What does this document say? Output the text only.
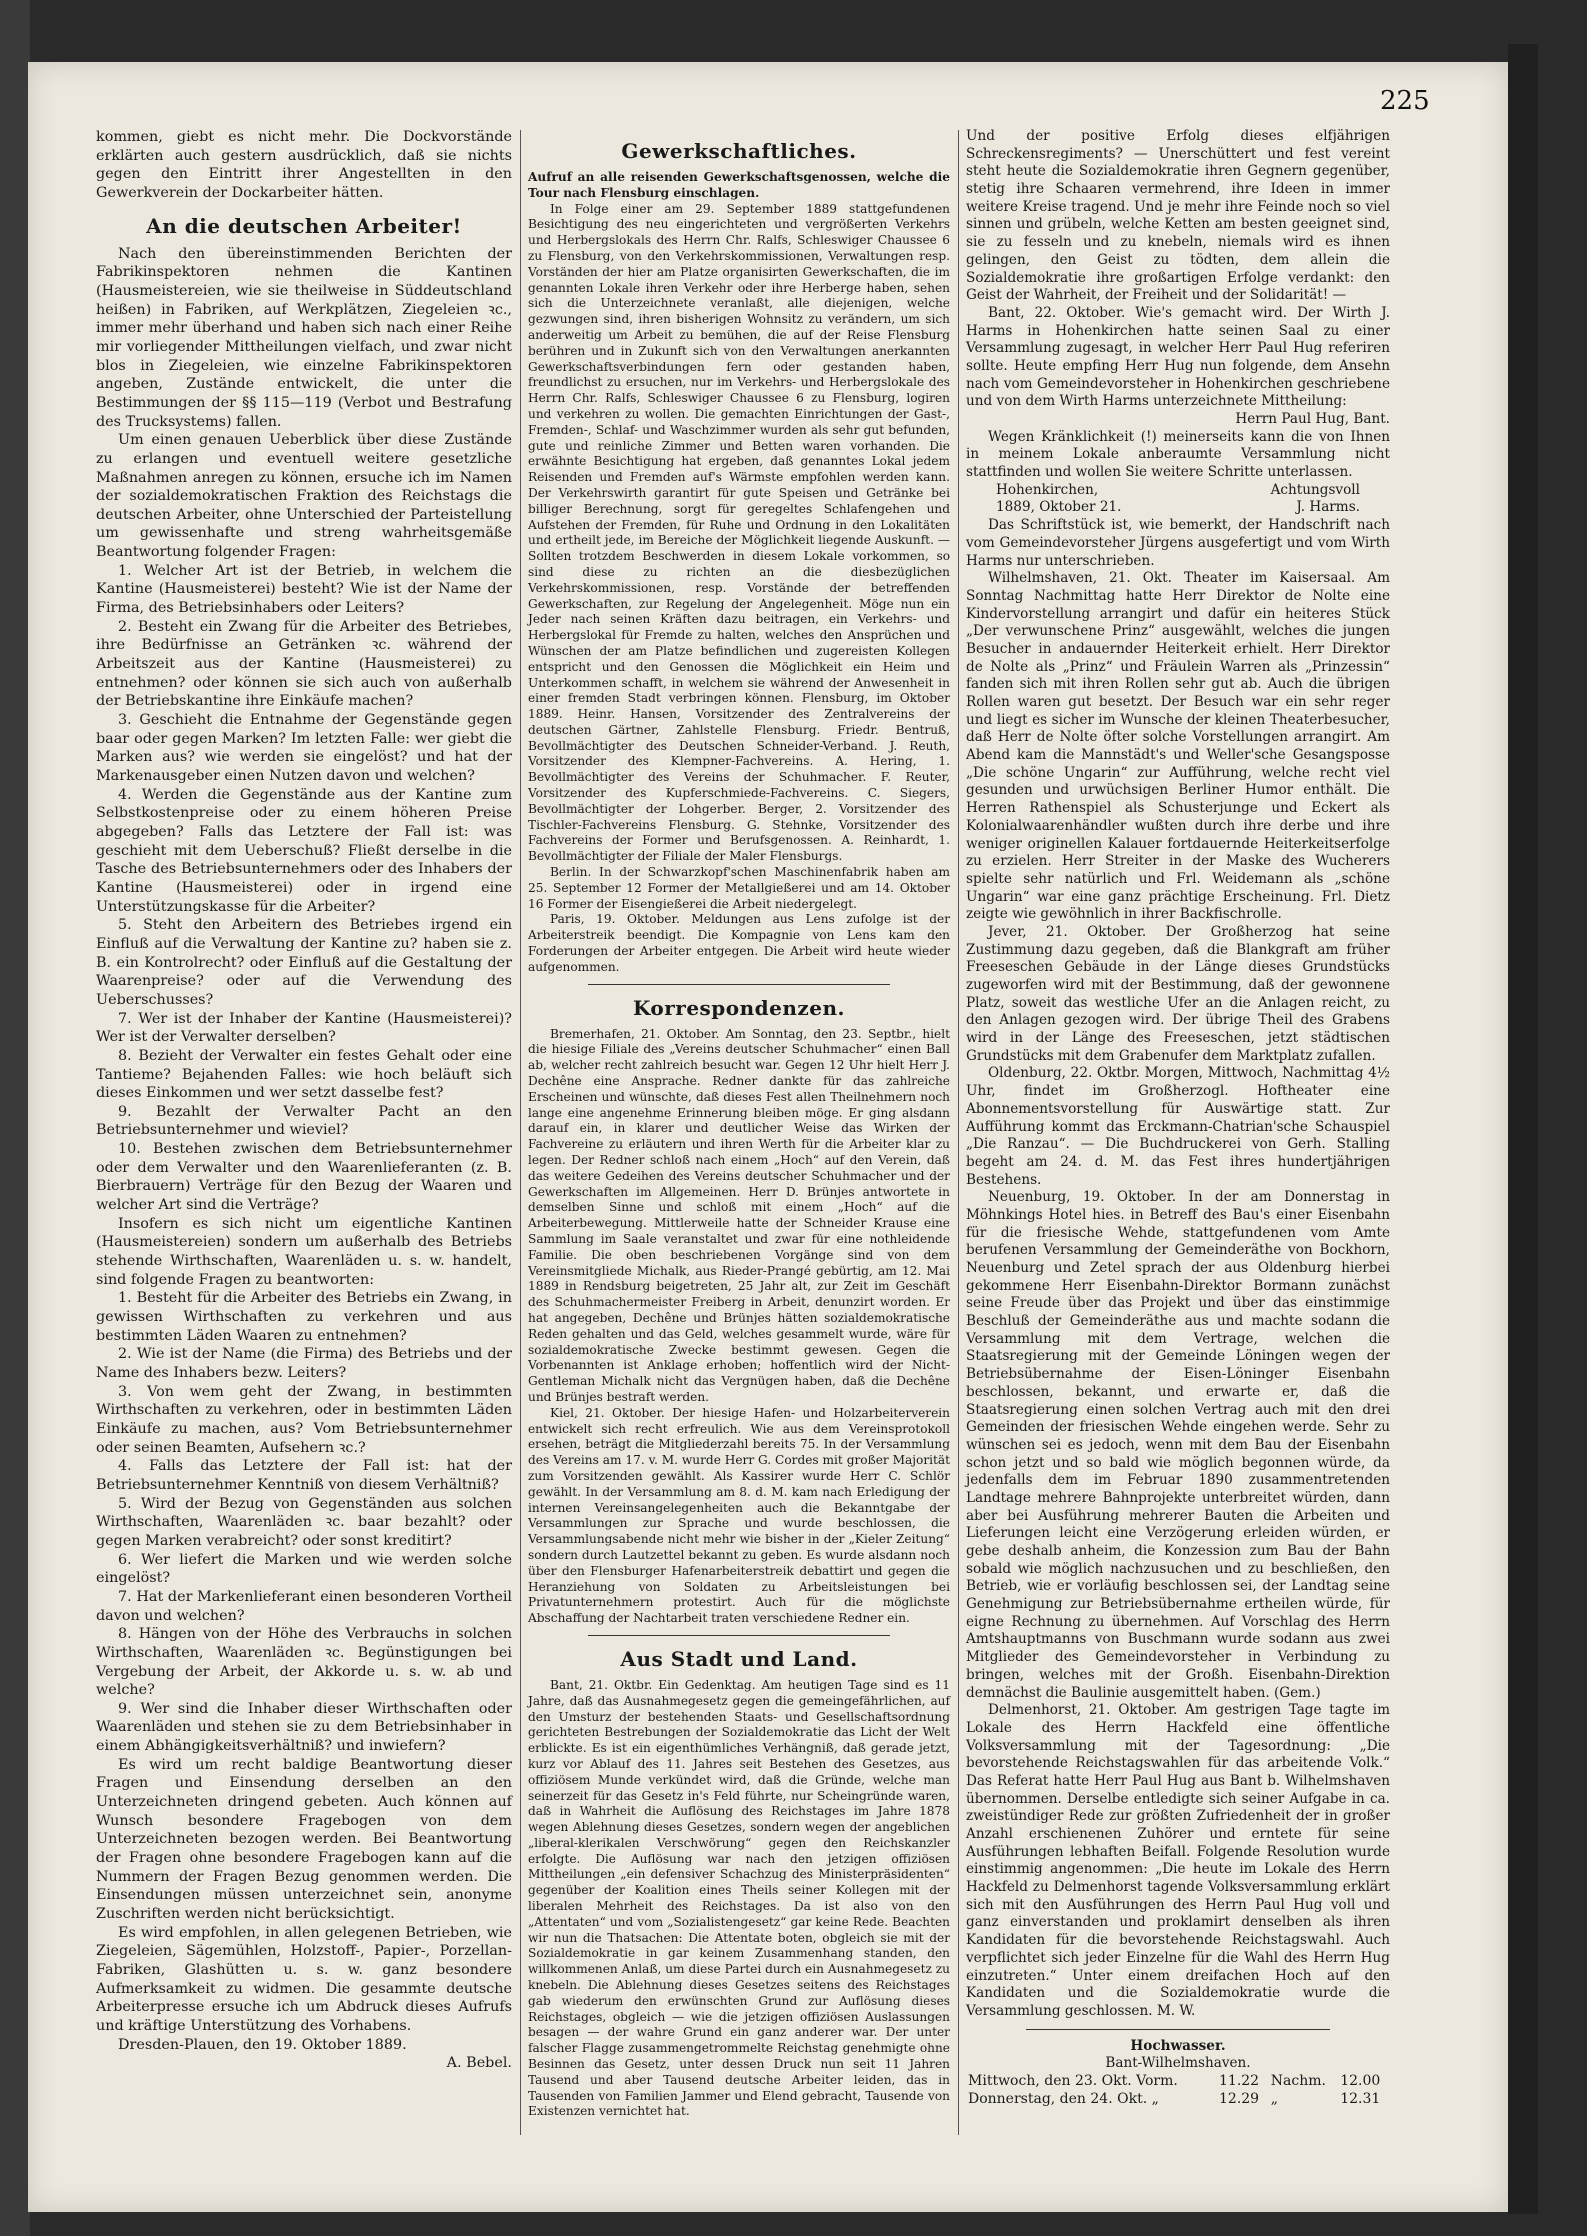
225

kommen, giebt es nicht mehr. Die Dockvorstände erklärten auch gestern ausdrücklich, daß sie nichts gegen den Eintritt ihrer Angestellten in den Gewerkverein der Dockarbeiter hätten.

An die deutschen Arbeiter!

Nach den übereinstimmenden Berichten der Fabrikinspektoren nehmen die Kantinen (Hausmeistereien, wie sie theilweise in Süddeutschland heißen) in Fabriken, auf Werkplätzen, Ziegeleien ꝛc., immer mehr überhand und haben sich nach einer Reihe mir vorliegender Mittheilungen vielfach, und zwar nicht blos in Ziegeleien, wie einzelne Fabrikinspektoren angeben, Zustände entwickelt, die unter die Bestimmungen der §§ 115—119 (Verbot und Bestrafung des Trucksystems) fallen.

Um einen genauen Ueberblick über diese Zustände zu erlangen und eventuell weitere gesetzliche Maßnahmen anregen zu können, ersuche ich im Namen der sozialdemokratischen Fraktion des Reichstags die deutschen Arbeiter, ohne Unterschied der Parteistellung um gewissenhafte und streng wahrheitsgemäße Beantwortung folgender Fragen:

1. Welcher Art ist der Betrieb, in welchem die Kantine (Hausmeisterei) besteht? Wie ist der Name der Firma, des Betriebsinhabers oder Leiters?

2. Besteht ein Zwang für die Arbeiter des Betriebes, ihre Bedürfnisse an Getränken ꝛc. während der Arbeitszeit aus der Kantine (Hausmeisterei) zu entnehmen? oder können sie sich auch von außerhalb der Betriebskantine ihre Einkäufe machen?

3. Geschieht die Entnahme der Gegenstände gegen baar oder gegen Marken? Im letzten Falle: wer giebt die Marken aus? wie werden sie eingelöst? und hat der Markenausgeber einen Nutzen davon und welchen?

4. Werden die Gegenstände aus der Kantine zum Selbstkostenpreise oder zu einem höheren Preise abgegeben? Falls das Letztere der Fall ist: was geschieht mit dem Ueberschuß? Fließt derselbe in die Tasche des Betriebsunternehmers oder des Inhabers der Kantine (Hausmeisterei) oder in irgend eine Unterstützungskasse für die Arbeiter?

5. Steht den Arbeitern des Betriebes irgend ein Einfluß auf die Verwaltung der Kantine zu? haben sie z. B. ein Kontrolrecht? oder Einfluß auf die Gestaltung der Waarenpreise? oder auf die Verwendung des Ueberschusses?

7. Wer ist der Inhaber der Kantine (Hausmeisterei)? Wer ist der Verwalter derselben?

8. Bezieht der Verwalter ein festes Gehalt oder eine Tantieme? Bejahenden Falles: wie hoch beläuft sich dieses Einkommen und wer setzt dasselbe fest?

9. Bezahlt der Verwalter Pacht an den Betriebsunternehmer und wieviel?

10. Bestehen zwischen dem Betriebsunternehmer oder dem Verwalter und den Waarenlieferanten (z. B. Bierbrauern) Verträge für den Bezug der Waaren und welcher Art sind die Verträge?

Insofern es sich nicht um eigentliche Kantinen (Hausmeistereien) sondern um außerhalb des Betriebs stehende Wirthschaften, Waarenläden u. s. w. handelt, sind folgende Fragen zu beantworten:

1. Besteht für die Arbeiter des Betriebs ein Zwang, in gewissen Wirthschaften zu verkehren und aus bestimmten Läden Waaren zu entnehmen?

2. Wie ist der Name (die Firma) des Betriebs und der Name des Inhabers bezw. Leiters?

3. Von wem geht der Zwang, in bestimmten Wirthschaften zu verkehren, oder in bestimmten Läden Einkäufe zu machen, aus? Vom Betriebsunternehmer oder seinen Beamten, Aufsehern ꝛc.?

4. Falls das Letztere der Fall ist: hat der Betriebsunternehmer Kenntniß von diesem Verhältniß?

5. Wird der Bezug von Gegenständen aus solchen Wirthschaften, Waarenläden ꝛc. baar bezahlt? oder gegen Marken verabreicht? oder sonst kreditirt?

6. Wer liefert die Marken und wie werden solche eingelöst?

7. Hat der Markenlieferant einen besonderen Vortheil davon und welchen?

8. Hängen von der Höhe des Verbrauchs in solchen Wirthschaften, Waarenläden ꝛc. Begünstigungen bei Vergebung der Arbeit, der Akkorde u. s. w. ab und welche?

9. Wer sind die Inhaber dieser Wirthschaften oder Waarenläden und stehen sie zu dem Betriebsinhaber in einem Abhängigkeitsverhältniß? und inwiefern?

Es wird um recht baldige Beantwortung dieser Fragen und Einsendung derselben an den Unterzeichneten dringend gebeten. Auch können auf Wunsch besondere Fragebogen von dem Unterzeichneten bezogen werden. Bei Beantwortung der Fragen ohne besondere Fragebogen kann auf die Nummern der Fragen Bezug genommen werden. Die Einsendungen müssen unterzeichnet sein, anonyme Zuschriften werden nicht berücksichtigt.

Es wird empfohlen, in allen gelegenen Betrieben, wie Ziegeleien, Sägemühlen, Holzstoff-, Papier-, Porzellan-Fabriken, Glashütten u. s. w. ganz besondere Aufmerksamkeit zu widmen. Die gesammte deutsche Arbeiterpresse ersuche ich um Abdruck dieses Aufrufs und kräftige Unterstützung des Vorhabens.

Dresden-Plauen, den 19. Oktober 1889.

A. Bebel.

Gewerkschaftliches.

Aufruf an alle reisenden Gewerkschaftsgenossen, welche die Tour nach Flensburg einschlagen.

In Folge einer am 29. September 1889 stattgefundenen Besichtigung des neu eingerichteten und vergrößerten Verkehrs und Herbergslokals des Herrn Chr. Ralfs, Schleswiger Chaussee 6 zu Flensburg, von den Verkehrskommissionen, Verwaltungen resp. Vorständen der hier am Platze organisirten Gewerkschaften, die im genannten Lokale ihren Verkehr oder ihre Herberge haben, sehen sich die Unterzeichnete veranlaßt, alle diejenigen, welche gezwungen sind, ihren bisherigen Wohnsitz zu verändern, um sich anderweitig um Arbeit zu bemühen, die auf der Reise Flensburg berühren und in Zukunft sich von den Verwaltungen anerkannten Gewerkschaftsverbindungen fern oder gestanden haben, freundlichst zu ersuchen, nur im Verkehrs- und Herbergslokale des Herrn Chr. Ralfs, Schleswiger Chaussee 6 zu Flensburg, logiren und verkehren zu wollen. Die gemachten Einrichtungen der Gast-, Fremden-, Schlaf- und Waschzimmer wurden als sehr gut befunden, gute und reinliche Zimmer und Betten waren vorhanden. Die erwähnte Besichtigung hat ergeben, daß genanntes Lokal jedem Reisenden und Fremden auf's Wärmste empfohlen werden kann. Der Verkehrswirth garantirt für gute Speisen und Getränke bei billiger Berechnung, sorgt für geregeltes Schlafengehen und Aufstehen der Fremden, für Ruhe und Ordnung in den Lokalitäten und ertheilt jede, im Bereiche der Möglichkeit liegende Auskunft. — Sollten trotzdem Beschwerden in diesem Lokale vorkommen, so sind diese zu richten an die diesbezüglichen Verkehrskommissionen, resp. Vorstände der betreffenden Gewerkschaften, zur Regelung der Angelegenheit. Möge nun ein Jeder nach seinen Kräften dazu beitragen, ein Verkehrs- und Herbergslokal für Fremde zu halten, welches den Ansprüchen und Wünschen der am Platze befindlichen und zugereisten Kollegen entspricht und den Genossen die Möglichkeit ein Heim und Unterkommen schafft, in welchem sie während der Anwesenheit in einer fremden Stadt verbringen können. Flensburg, im Oktober 1889. Heinr. Hansen, Vorsitzender des Zentralvereins der deutschen Gärtner, Zahlstelle Flensburg. Friedr. Bentruß, Bevollmächtigter des Deutschen Schneider-Verband. J. Reuth, Vorsitzender des Klempner-Fachvereins. A. Hering, 1. Bevollmächtigter des Vereins der Schuhmacher. F. Reuter, Vorsitzender des Kupferschmiede-Fachvereins. C. Siegers, Bevollmächtigter der Lohgerber. Berger, 2. Vorsitzender des Tischler-Fachvereins Flensburg. G. Stehnke, Vorsitzender des Fachvereins der Former und Berufsgenossen. A. Reinhardt, 1. Bevollmächtigter der Filiale der Maler Flensburgs.

Berlin. In der Schwarzkopf'schen Maschinenfabrik haben am 25. September 12 Former der Metallgießerei und am 14. Oktober 16 Former der Eisengießerei die Arbeit niedergelegt.

Paris, 19. Oktober. Meldungen aus Lens zufolge ist der Arbeiterstreik beendigt. Die Kompagnie von Lens kam den Forderungen der Arbeiter entgegen. Die Arbeit wird heute wieder aufgenommen.

Korrespondenzen.

Bremerhafen, 21. Oktober. Am Sonntag, den 23. Septbr., hielt die hiesige Filiale des „Vereins deutscher Schuhmacher“ einen Ball ab, welcher recht zahlreich besucht war. Gegen 12 Uhr hielt Herr J. Dechêne eine Ansprache. Redner dankte für das zahlreiche Erscheinen und wünschte, daß dieses Fest allen Theilnehmern noch lange eine angenehme Erinnerung bleiben möge. Er ging alsdann darauf ein, in klarer und deutlicher Weise das Wirken der Fachvereine zu erläutern und ihren Werth für die Arbeiter klar zu legen. Der Redner schloß nach einem „Hoch“ auf den Verein, daß das weitere Gedeihen des Vereins deutscher Schuhmacher und der Gewerkschaften im Allgemeinen. Herr D. Brünjes antwortete in demselben Sinne und schloß mit einem „Hoch“ auf die Arbeiterbewegung. Mittlerweile hatte der Schneider Krause eine Sammlung im Saale veranstaltet und zwar für eine nothleidende Familie. Die oben beschriebenen Vorgänge sind von dem Vereinsmitgliede Michalk, aus Rieder-Prangé gebürtig, am 12. Mai 1889 in Rendsburg beigetreten, 25 Jahr alt, zur Zeit im Geschäft des Schuhmachermeister Freiberg in Arbeit, denunzirt worden. Er hat angegeben, Dechêne und Brünjes hätten sozialdemokratische Reden gehalten und das Geld, welches gesammelt wurde, wäre für sozialdemokratische Zwecke bestimmt gewesen. Gegen die Vorbenannten ist Anklage erhoben; hoffentlich wird der Nicht-Gentleman Michalk nicht das Vergnügen haben, daß die Dechêne und Brünjes bestraft werden.

Kiel, 21. Oktober. Der hiesige Hafen- und Holzarbeiterverein entwickelt sich recht erfreulich. Wie aus dem Vereinsprotokoll ersehen, beträgt die Mitgliederzahl bereits 75. In der Versammlung des Vereins am 17. v. M. wurde Herr G. Cordes mit großer Majorität zum Vorsitzenden gewählt. Als Kassirer wurde Herr C. Schlör gewählt. In der Versammlung am 8. d. M. kam nach Erledigung der internen Vereinsangelegenheiten auch die Bekanntgabe der Versammlungen zur Sprache und wurde beschlossen, die Versammlungsabende nicht mehr wie bisher in der „Kieler Zeitung“ sondern durch Lautzettel bekannt zu geben. Es wurde alsdann noch über den Flensburger Hafenarbeiterstreik debattirt und gegen die Heranziehung von Soldaten zu Arbeitsleistungen bei Privatunternehmern protestirt. Auch für die möglichste Abschaffung der Nachtarbeit traten verschiedene Redner ein.

Aus Stadt und Land.

Bant, 21. Oktbr. Ein Gedenktag. Am heutigen Tage sind es 11 Jahre, daß das Ausnahmegesetz gegen die gemeingefährlichen, auf den Umsturz der bestehenden Staats- und Gesellschaftsordnung gerichteten Bestrebungen der Sozialdemokratie das Licht der Welt erblickte. Es ist ein eigenthümliches Verhängniß, daß gerade jetzt, kurz vor Ablauf des 11. Jahres seit Bestehen des Gesetzes, aus offiziösem Munde verkündet wird, daß die Gründe, welche man seinerzeit für das Gesetz in's Feld führte, nur Scheingründe waren, daß in Wahrheit die Auflösung des Reichstages im Jahre 1878 wegen Ablehnung dieses Gesetzes, sondern wegen der angeblichen „liberal-klerikalen Verschwörung“ gegen den Reichskanzler erfolgte. Die Auflösung war nach den jetzigen offiziösen Mittheilungen „ein defensiver Schachzug des Ministerpräsidenten“ gegenüber der Koalition eines Theils seiner Kollegen mit der liberalen Mehrheit des Reichstages. Da ist also von den „Attentaten“ und vom „Sozialistengesetz“ gar keine Rede. Beachten wir nun die Thatsachen: Die Attentate boten, obgleich sie mit der Sozialdemokratie in gar keinem Zusammenhang standen, den willkommenen Anlaß, um diese Partei durch ein Ausnahmegesetz zu knebeln. Die Ablehnung dieses Gesetzes seitens des Reichstages gab wiederum den erwünschten Grund zur Auflösung dieses Reichstages, obgleich — wie die jetzigen offiziösen Auslassungen besagen — der wahre Grund ein ganz anderer war. Der unter falscher Flagge zusammengetrommelte Reichstag genehmigte ohne Besinnen das Gesetz, unter dessen Druck nun seit 11 Jahren Tausend und aber Tausend deutsche Arbeiter leiden, das in Tausenden von Familien Jammer und Elend gebracht, Tausende von Existenzen vernichtet hat.

Und der positive Erfolg dieses elfjährigen Schreckensregiments? — Unerschüttert und fest vereint steht heute die Sozialdemokratie ihren Gegnern gegenüber, stetig ihre Schaaren vermehrend, ihre Ideen in immer weitere Kreise tragend. Und je mehr ihre Feinde noch so viel sinnen und grübeln, welche Ketten am besten geeignet sind, sie zu fesseln und zu knebeln, niemals wird es ihnen gelingen, den Geist zu tödten, dem allein die Sozialdemokratie ihre großartigen Erfolge verdankt: den Geist der Wahrheit, der Freiheit und der Solidarität! —

Bant, 22. Oktober. Wie's gemacht wird. Der Wirth J. Harms in Hohenkirchen hatte seinen Saal zu einer Versammlung zugesagt, in welcher Herr Paul Hug referiren sollte. Heute empfing Herr Hug nun folgende, dem Ansehn nach vom Gemeindevorsteher in Hohenkirchen geschriebene und von dem Wirth Harms unterzeichnete Mittheilung:

Herrn Paul Hug, Bant.

Wegen Kränklichkeit (!) meinerseits kann die von Ihnen in meinem Lokale anberaumte Versammlung nicht stattfinden und wollen Sie weitere Schritte unterlassen.

Hohenkirchen,	Achtungsvoll
1889, Oktober 21.	J. Harms.

Das Schriftstück ist, wie bemerkt, der Handschrift nach vom Gemeindevorsteher Jürgens ausgefertigt und vom Wirth Harms nur unterschrieben.

Wilhelmshaven, 21. Okt. Theater im Kaisersaal. Am Sonntag Nachmittag hatte Herr Direktor de Nolte eine Kindervorstellung arrangirt und dafür ein heiteres Stück „Der verwunschene Prinz“ ausgewählt, welches die jungen Besucher in andauernder Heiterkeit erhielt. Herr Direktor de Nolte als „Prinz“ und Fräulein Warren als „Prinzessin“ fanden sich mit ihren Rollen sehr gut ab. Auch die übrigen Rollen waren gut besetzt. Der Besuch war ein sehr reger und liegt es sicher im Wunsche der kleinen Theaterbesucher, daß Herr de Nolte öfter solche Vorstellungen arrangirt. Am Abend kam die Mannstädt's und Weller'sche Gesangsposse „Die schöne Ungarin“ zur Aufführung, welche recht viel gesunden und urwüchsigen Berliner Humor enthält. Die Herren Rathenspiel als Schusterjunge und Eckert als Kolonialwaarenhändler wußten durch ihre derbe und ihre weniger originellen Kalauer fortdauernde Heiterkeitserfolge zu erzielen. Herr Streiter in der Maske des Wucherers spielte sehr natürlich und Frl. Weidemann als „schöne Ungarin“ war eine ganz prächtige Erscheinung. Frl. Dietz zeigte wie gewöhnlich in ihrer Backfischrolle.

Jever, 21. Oktober. Der Großherzog hat seine Zustimmung dazu gegeben, daß die Blankgraft am früher Freeseschen Gebäude in der Länge dieses Grundstücks zugeworfen wird mit der Bestimmung, daß der gewonnene Platz, soweit das westliche Ufer an die Anlagen reicht, zu den Anlagen gezogen wird. Der übrige Theil des Grabens wird in der Länge des Freeseschen, jetzt städtischen Grundstücks mit dem Grabenufer dem Marktplatz zufallen.

Oldenburg, 22. Oktbr. Morgen, Mittwoch, Nachmittag 4½ Uhr, findet im Großherzogl. Hoftheater eine Abonnementsvorstellung für Auswärtige statt. Zur Aufführung kommt das Erckmann-Chatrian'sche Schauspiel „Die Ranzau“. — Die Buchdruckerei von Gerh. Stalling begeht am 24. d. M. das Fest ihres hundertjährigen Bestehens.

Neuenburg, 19. Oktober. In der am Donnerstag in Möhnkings Hotel hies. in Betreff des Bau's einer Eisenbahn für die friesische Wehde, stattgefundenen vom Amte berufenen Versammlung der Gemeinderäthe von Bockhorn, Neuenburg und Zetel sprach der aus Oldenburg hierbei gekommene Herr Eisenbahn-Direktor Bormann zunächst seine Freude über das Projekt und über das einstimmige Beschluß der Gemeinderäthe aus und machte sodann die Versammlung mit dem Vertrage, welchen die Staatsregierung mit der Gemeinde Löningen wegen der Betriebsübernahme der Eisen-Löninger Eisenbahn beschlossen, bekannt, und erwarte er, daß die Staatsregierung einen solchen Vertrag auch mit den drei Gemeinden der friesischen Wehde eingehen werde. Sehr zu wünschen sei es jedoch, wenn mit dem Bau der Eisenbahn schon jetzt und so bald wie möglich begonnen würde, da jedenfalls dem im Februar 1890 zusammentretenden Landtage mehrere Bahnprojekte unterbreitet würden, dann aber bei Ausführung mehrerer Bauten die Arbeiten und Lieferungen leicht eine Verzögerung erleiden würden, er gebe deshalb anheim, die Konzession zum Bau der Bahn sobald wie möglich nachzusuchen und zu beschließen, den Betrieb, wie er vorläufig beschlossen sei, der Landtag seine Genehmigung zur Betriebsübernahme ertheilen würde, für eigne Rechnung zu übernehmen. Auf Vorschlag des Herrn Amtshauptmanns von Buschmann wurde sodann aus zwei Mitglieder des Gemeindevorsteher in Verbindung zu bringen, welches mit der Großh. Eisenbahn-Direktion demnächst die Baulinie ausgemittelt haben. (Gem.)

Delmenhorst, 21. Oktober. Am gestrigen Tage tagte im Lokale des Herrn Hackfeld eine öffentliche Volksversammlung mit der Tagesordnung: „Die bevorstehende Reichstagswahlen für das arbeitende Volk.“ Das Referat hatte Herr Paul Hug aus Bant b. Wilhelmshaven übernommen. Derselbe entledigte sich seiner Aufgabe in ca. zweistündiger Rede zur größten Zufriedenheit der in großer Anzahl erschienenen Zuhörer und erntete für seine Ausführungen lebhaften Beifall. Folgende Resolution wurde einstimmig angenommen: „Die heute im Lokale des Herrn Hackfeld zu Delmenhorst tagende Volksversammlung erklärt sich mit den Ausführungen des Herrn Paul Hug voll und ganz einverstanden und proklamirt denselben als ihren Kandidaten für die bevorstehende Reichstagswahl. Auch verpflichtet sich jeder Einzelne für die Wahl des Herrn Hug einzutreten.“ Unter einem dreifachen Hoch auf den Kandidaten und die Sozialdemokratie wurde die Versammlung geschlossen. M. W.

Hochwasser.
Bant-Wilhelmshaven.
Mittwoch, den 23. Okt. Vorm.	11.22	Nachm.	12.00
Donnerstag, den 24. Okt. „	12.29	„	12.31
